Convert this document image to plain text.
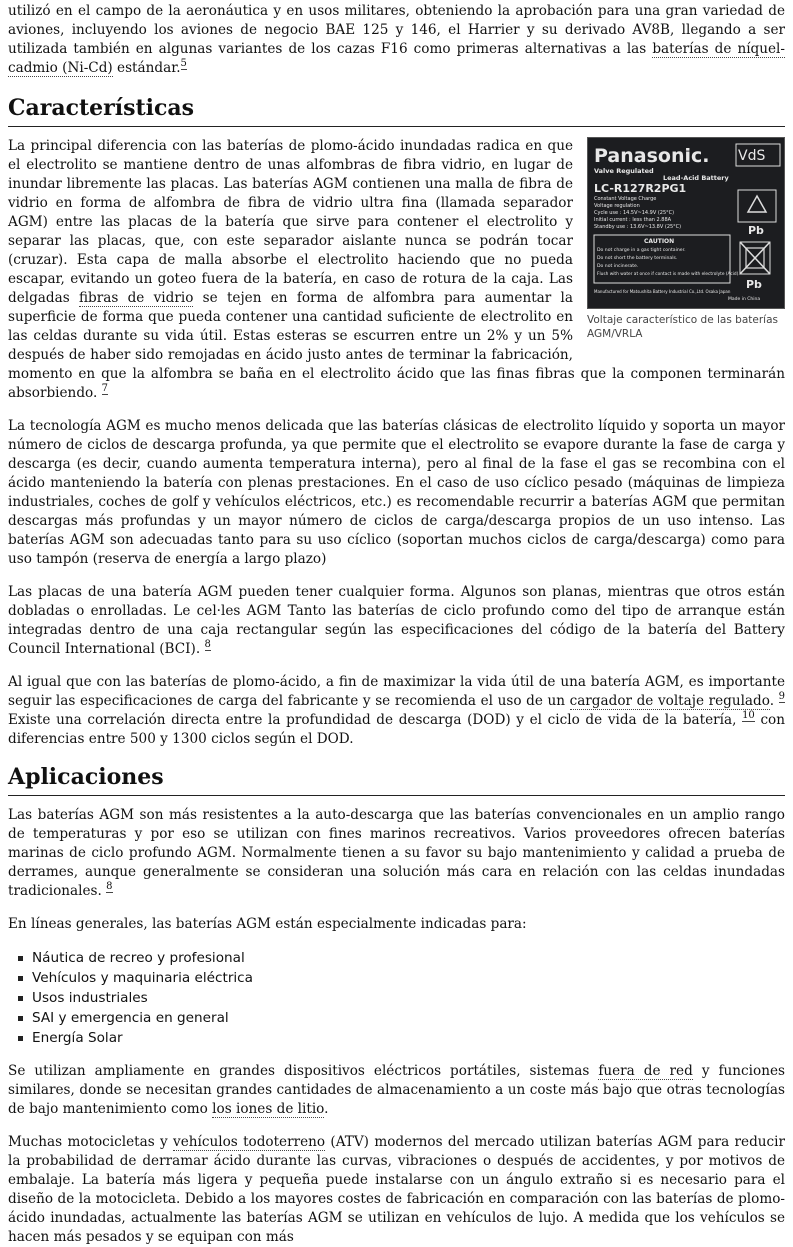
utilizó en el campo de la aeronáutica y en usos militares, obteniendo la aprobación para una gran variedad de aviones, incluyendo los aviones de negocio BAE 125 y 146, el Harrier y su derivado AV8B, llegando a ser utilizada también en algunas variantes de los cazas F16 como primeras alternativas a las baterías de níquel-cadmio (Ni-Cd) estándar.$^5$

Características
Panasonic. VdS
Valve Regulated
Lead-Acid Battery
LC-R127R2PG1
Constant Voltage Charge
Voltage regulation
Cycle use : 14.5V~14.9V (25°C)
Initial current : less than 2.88A
Standby use : 13.6V~13.8V (25°C)	Pb
CAUTION
Do not charge in a gas tight container.
Do not short the battery terminals.
Do not incinerate.
Flush with water at once if contact is made with electrolyte (Acid).
Pb
Manufactured for Matsushita Battery Industrial Co.,Ltd. Osaka Japan
Made in China
Voltaje característico de las baterías AGM/VRLA

La principal diferencia con las baterías de plomo-ácido inundadas radica en que el electrolito se mantiene dentro de unas alfombras de fibra vidrio, en lugar de inundar libremente las placas. Las baterías AGM contienen una malla de fibra de vidrio en forma de alfombra de fibra de vidrio ultra fina (llamada separador AGM) entre las placas de la batería que sirve para contener el electrolito y separar las placas, que, con este separador aislante nunca se podrán tocar (cruzar). Esta capa de malla absorbe el electrolito haciendo que no pueda escapar, evitando un goteo fuera de la batería, en caso de rotura de la caja. Las delgadas fibras de vidrio se tejen en forma de alfombra para aumentar la superficie de forma que pueda contener una cantidad suficiente de electrolito en las celdas durante su vida útil. Estas esteras se escurren entre un 2% y un 5% después de haber sido remojadas en ácido justo antes de terminar la fabricación, momento en que la alfombra se baña en el electrolito ácido que las finas fibras que la componen terminarán absorbiendo. $^7$

La tecnología AGM es mucho menos delicada que las baterías clásicas de electrolito líquido y soporta un mayor número de ciclos de descarga profunda, ya que permite que el electrolito se evapore durante la fase de carga y descarga (es decir, cuando aumenta temperatura interna), pero al final de la fase el gas se recombina con el ácido manteniendo la batería con plenas prestaciones. En el caso de uso cíclico pesado (máquinas de limpieza industriales, coches de golf y vehículos eléctricos, etc.) es recomendable recurrir a baterías AGM que permitan descargas más profundas y un mayor número de ciclos de carga/descarga propios de un uso intenso. Las baterías AGM son adecuadas tanto para su uso cíclico (soportan muchos ciclos de carga/descarga) como para uso tampón (reserva de energía a largo plazo)

Las placas de una batería AGM pueden tener cualquier forma. Algunos son planas, mientras que otros están dobladas o enrolladas. Le cel·les AGM Tanto las baterías de ciclo profundo como del tipo de arranque están integradas dentro de una caja rectangular según las especificaciones del código de la batería del Battery Council International (BCI). $^8$

Al igual que con las baterías de plomo-ácido, a fin de maximizar la vida útil de una batería AGM, es importante seguir las especificaciones de carga del fabricante y se recomienda el uso de un cargador de voltaje regulado. $^9$ Existe una correlación directa entre la profundidad de descarga (DOD) y el ciclo de vida de la batería, $^{10}$ con diferencias entre 500 y 1300 ciclos según el DOD.

Aplicaciones

Las baterías AGM son más resistentes a la auto-descarga que las baterías convencionales en un amplio rango de temperaturas y por eso se utilizan con fines marinos recreativos. Varios proveedores ofrecen baterías marinas de ciclo profundo AGM. Normalmente tienen a su favor su bajo mantenimiento y calidad a prueba de derrames, aunque generalmente se consideran una solución más cara en relación con las celdas inundadas tradicionales. $^8$

En líneas generales, las baterías AGM están especialmente indicadas para:

Náutica de recreo y profesional
Vehículos y maquinaria eléctrica
Usos industriales
SAI y emergencia en general
Energía Solar

Se utilizan ampliamente en grandes dispositivos eléctricos portátiles, sistemas fuera de red y funciones similares, donde se necesitan grandes cantidades de almacenamiento a un coste más bajo que otras tecnologías de bajo mantenimiento como los iones de litio.

Muchas motocicletas y vehículos todoterreno (ATV) modernos del mercado utilizan baterías AGM para reducir la probabilidad de derramar ácido durante las curvas, vibraciones o después de accidentes, y por motivos de embalaje. La batería más ligera y pequeña puede instalarse con un ángulo extraño si es necesario para el diseño de la motocicleta. Debido a los mayores costes de fabricación en comparación con las baterías de plomo-ácido inundadas, actualmente las baterías AGM se utilizan en vehículos de lujo. A medida que los vehículos se hacen más pesados y se equipan con más
